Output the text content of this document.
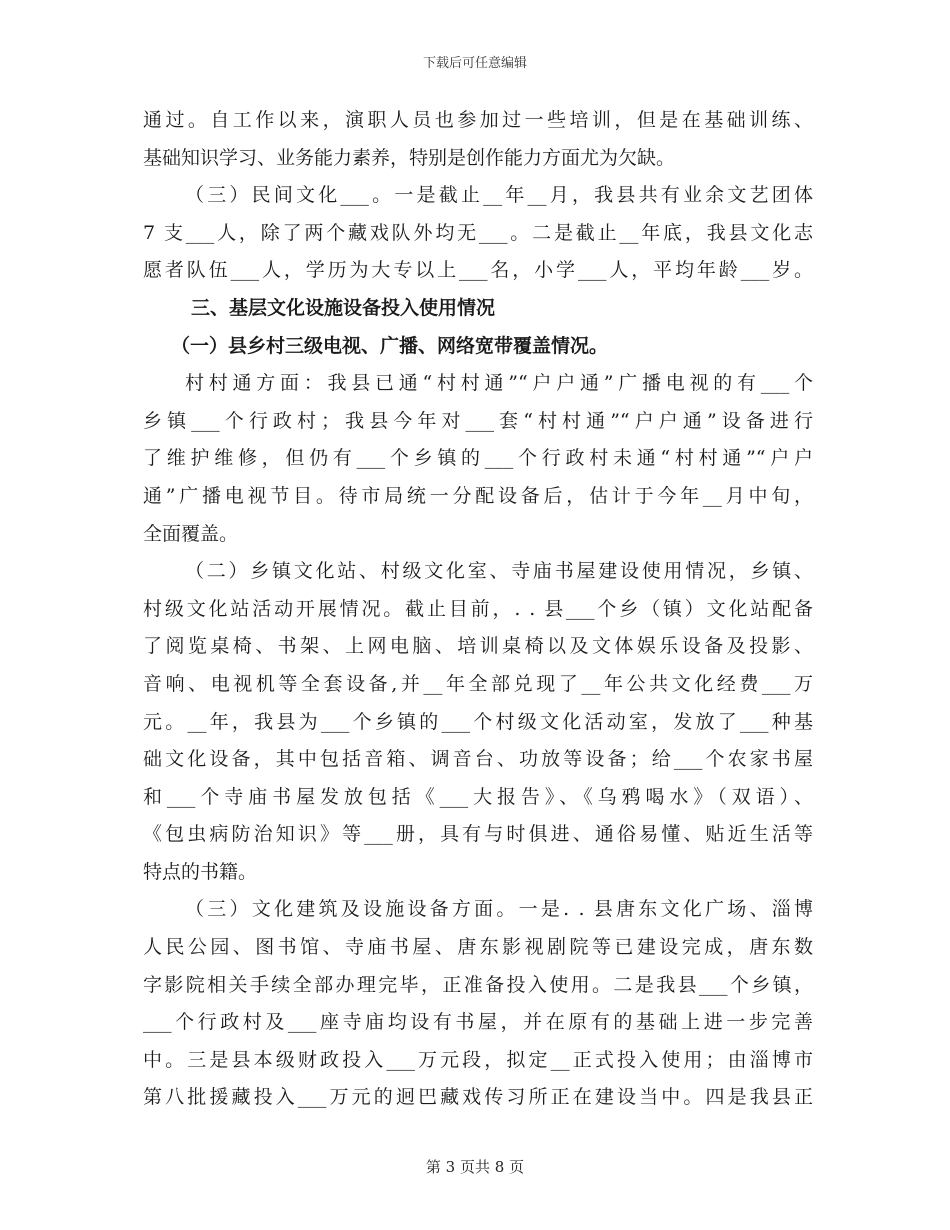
下载后可任意编辑
通过。自工作以来，演职人员也参加过一些培训，但是在基础训练、
基础知识学习、业务能力素养，特别是创作能力方面尤为欠缺。
（三）民间文化___。一是截止__年__月，我县共有业余文艺团体
7 支___人，除了两个藏戏队外均无___。二是截止__年底，我县文化志
愿者队伍___人，学历为大专以上___名，小学___人，平均年龄___岁。
三、基层文化设施设备投入使用情况
（一）县乡村三级电视、广播、网络宽带覆盖情况。
村村通方面：我县已通“村村通”“户户通”广播电视的有___个
乡镇___个行政村；我县今年对___套“村村通”“户户通”设备进行
了维护维修，但仍有___个乡镇的___个行政村未通“村村通”“户户
通”广播电视节目。待市局统一分配设备后，估计于今年__月中旬，
全面覆盖。
（二）乡镇文化站、村级文化室、寺庙书屋建设使用情况，乡镇、
村级文化站活动开展情况。截止目前，. . 县___个乡（镇）文化站配备
了阅览桌椅、书架、上网电脑、培训桌椅以及文体娱乐设备及投影、
音响、电视机等全套设备,并__年全部兑现了__年公共文化经费___万
元。__年，我县为___个乡镇的___个村级文化活动室，发放了___种基
础文化设备，其中包括音箱、调音台、功放等设备；给___个农家书屋
和___个寺庙书屋发放包括《___大报告》、《乌鸦喝水》（双语）、
《包虫病防治知识》等___册，具有与时俱进、通俗易懂、贴近生活等
特点的书籍。
（三）文化建筑及设施设备方面。一是. . 县唐东文化广场、淄博
人民公园、图书馆、寺庙书屋、唐东影视剧院等已建设完成，唐东数
字影院相关手续全部办理完毕，正准备投入使用。二是我县___个乡镇，
___个行政村及___座寺庙均设有书屋，并在原有的基础上进一步完善
中。三是县本级财政投入___万元段，拟定__正式投入使用；由淄博市
第八批援藏投入___万元的迥巴藏戏传习所正在建设当中。四是我县正
第 3 页共 8 页
